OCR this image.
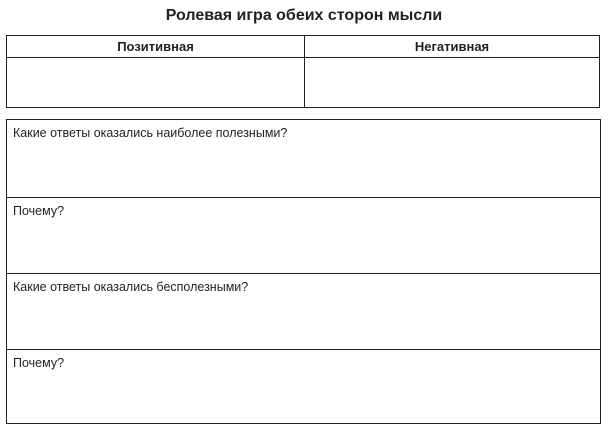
Ролевая игра обеих сторон мысли
Позитивная	Негативная
Какие ответы оказались наиболее полезными?
Почему?
Какие ответы оказались бесполезными?
Почему?
